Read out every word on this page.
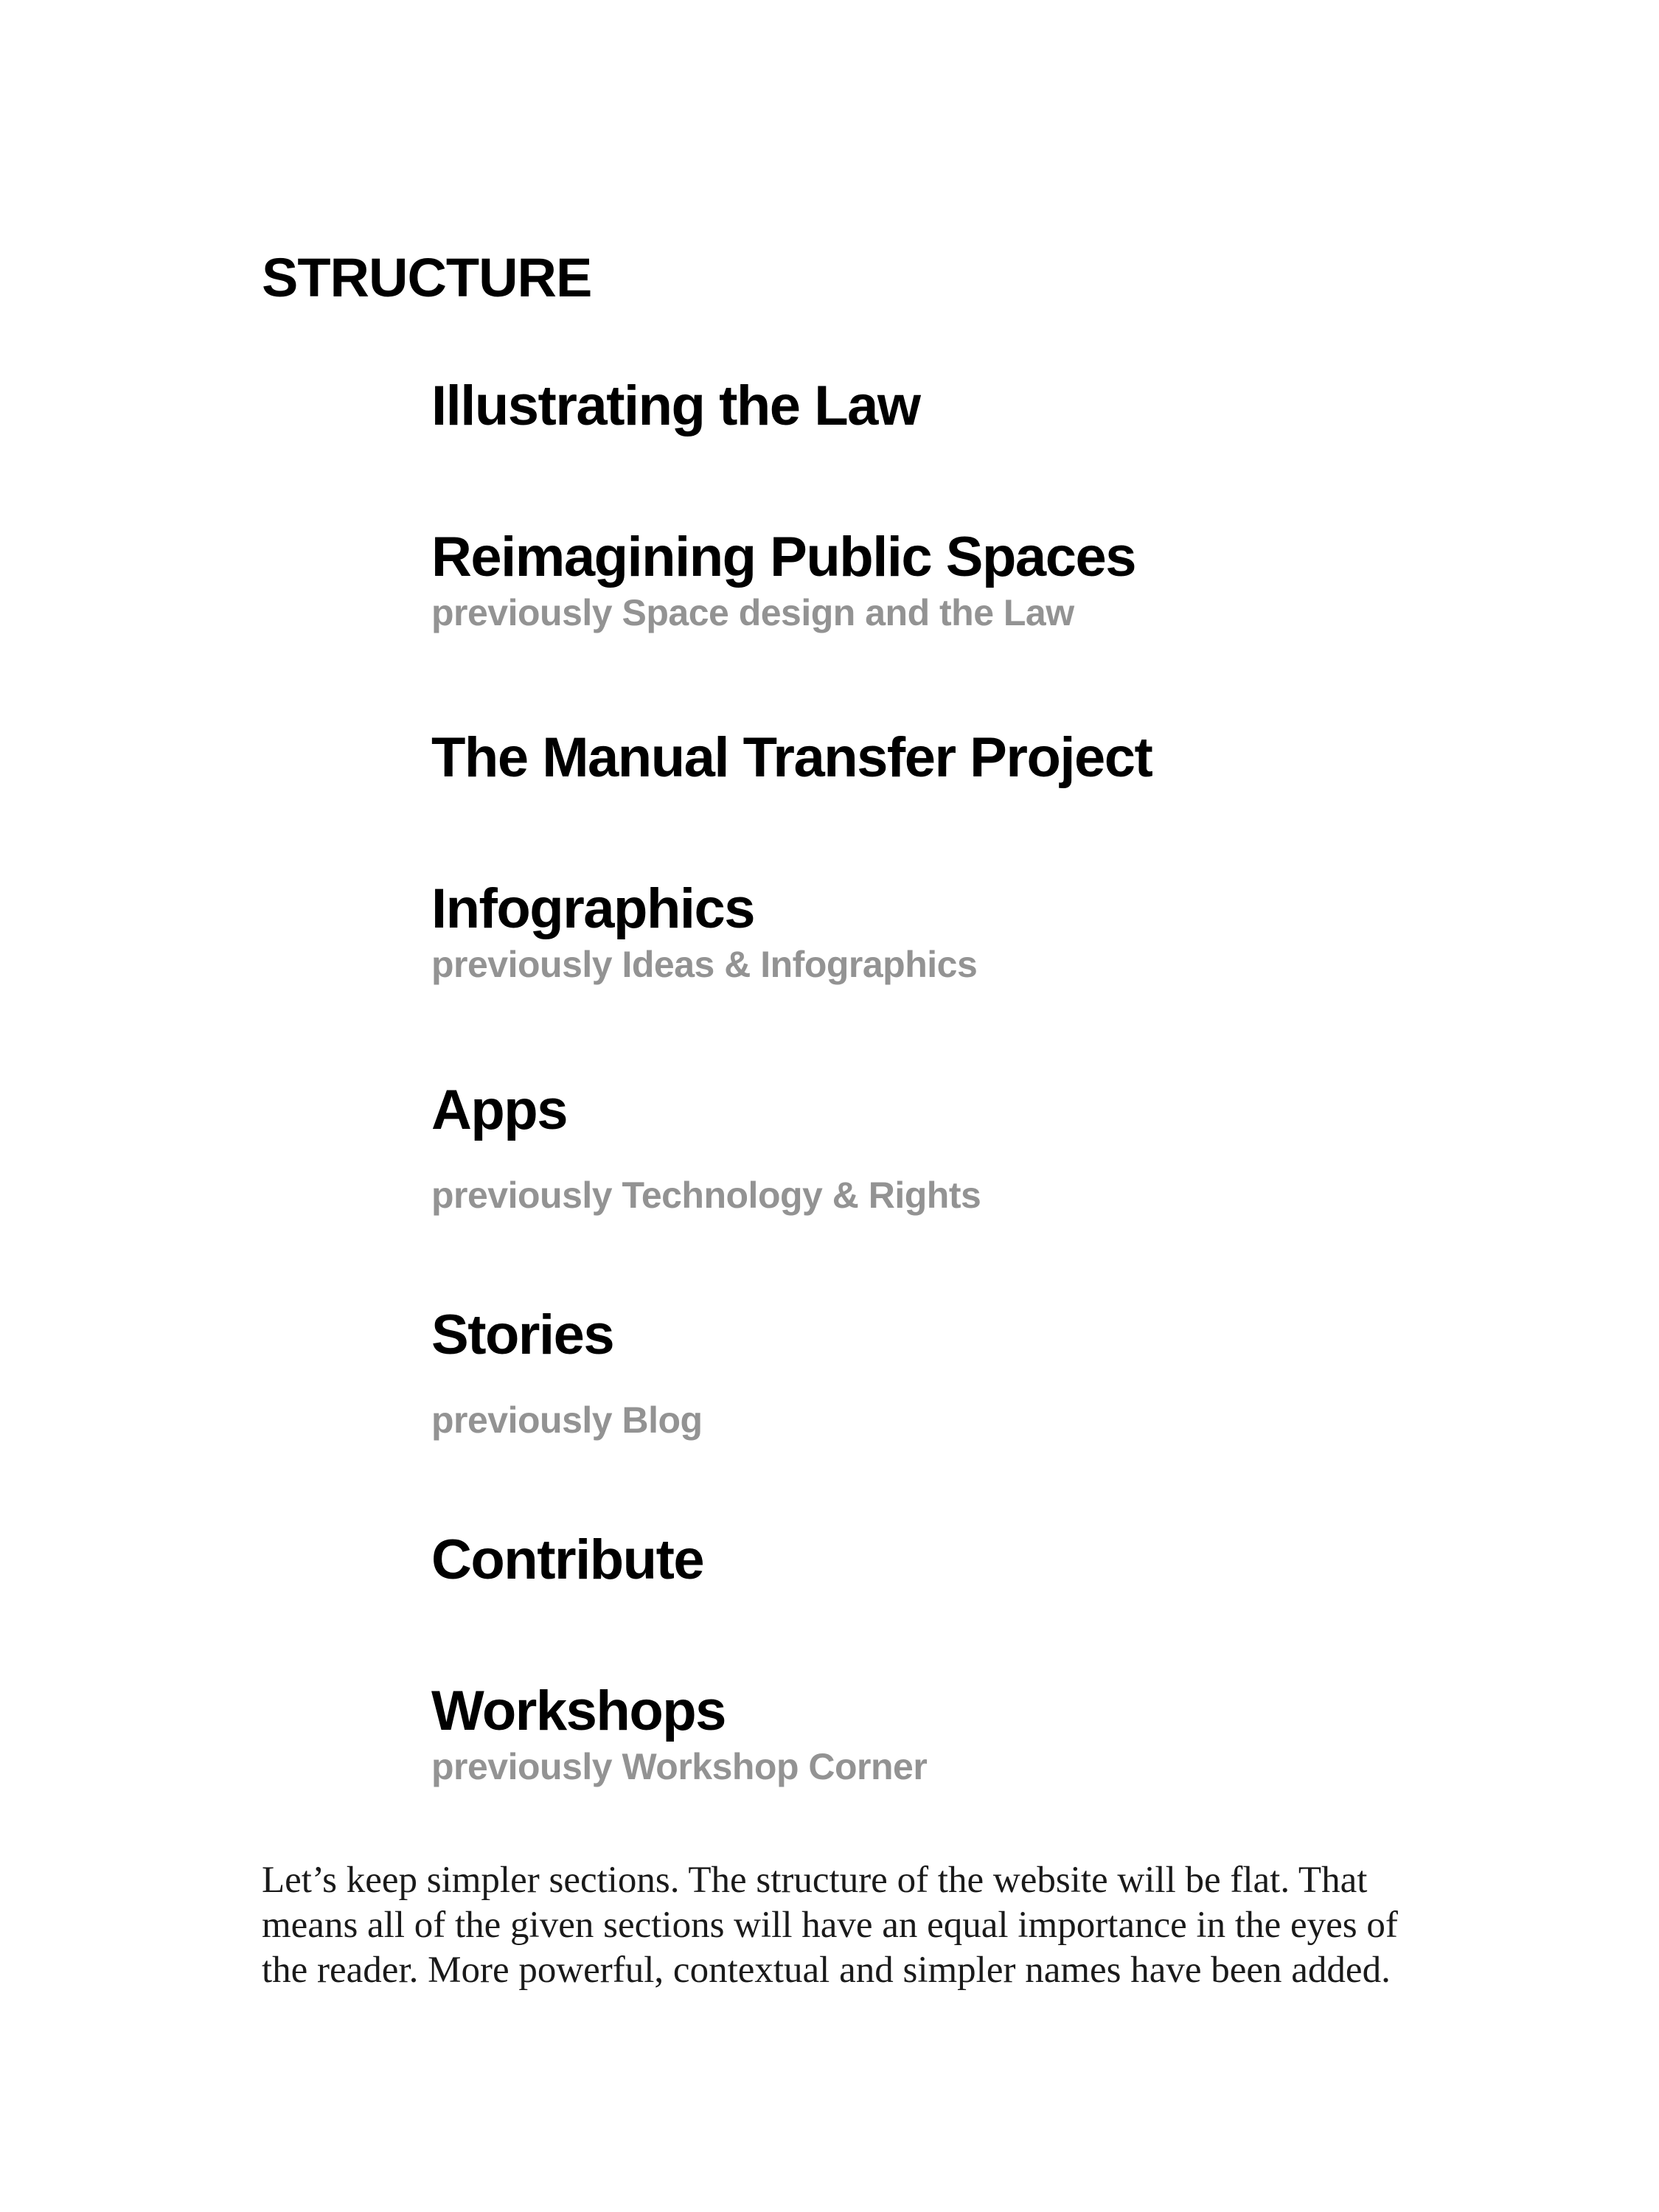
STRUCTURE
Illustrating the Law
Reimagining Public Spaces
previously Space design and the Law
The Manual Transfer Project
Infographics
previously Ideas & Infographics
Apps
previously Technology & Rights
Stories
previously Blog
Contribute
Workshops
previously Workshop Corner

Let’s keep simpler sections. The structure of the website will be flat. That means all of the given sections will have an equal importance in the eyes of the reader. More powerful, contextual and simpler names have been added.
